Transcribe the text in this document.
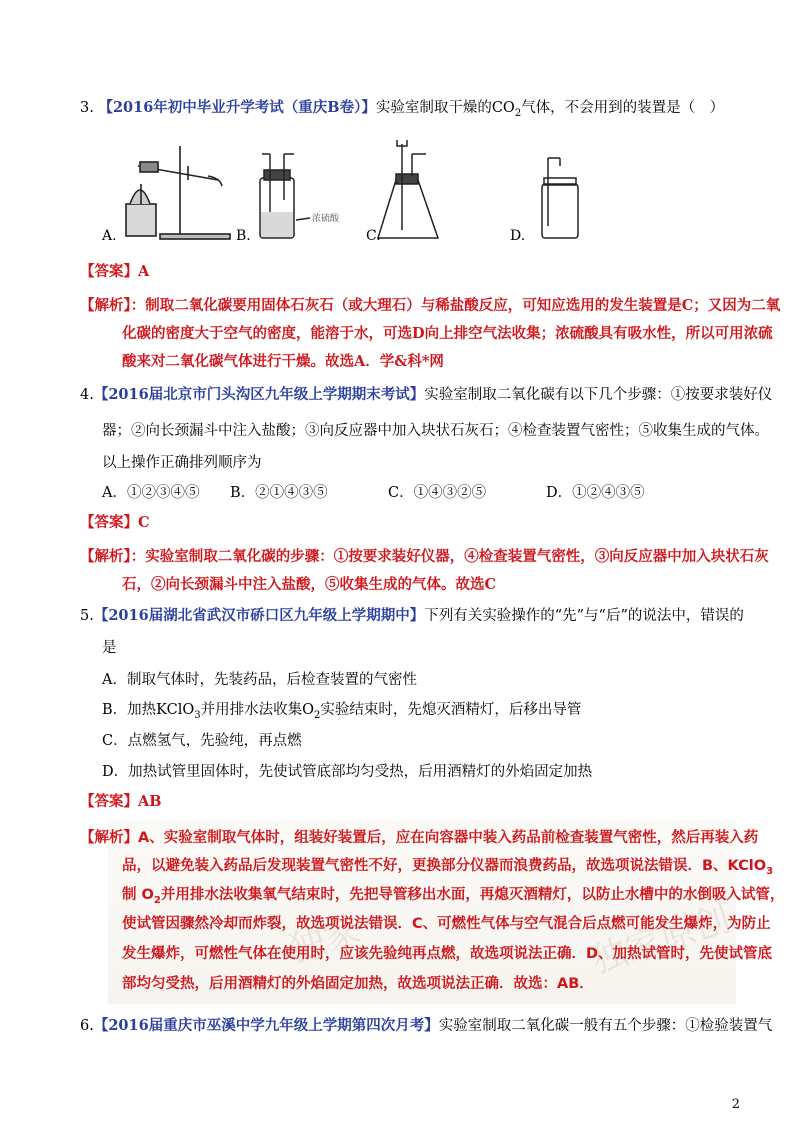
3. 【2016年初中毕业升学考试（重庆B卷）】实验室制取干燥的$CO_2$气体，不会用到的装置是（　）
A.
浓硫酸
B.	C.	D.
【答案】A
【解析】：制取二氧化碳要用固体石灰石（或大理石）与稀盐酸反应，可知应选用的发生装置是C；又因为二氧
化碳的密度大于空气的密度，能溶于水，可选D向上排空气法收集；浓硫酸具有吸水性，所以可用浓硫
酸来对二氧化碳气体进行干燥。故选A．学&科*网
4.【2016届北京市门头沟区九年级上学期期末考试】实验室制取二氧化碳有以下几个步骤：①按要求装好仪
器；②向长颈漏斗中注入盐酸；③向反应器中加入块状石灰石；④检查装置气密性；⑤收集生成的气体。
以上操作正确排列顺序为
A．①②③④⑤ B．②①④③⑤	C．①④③②⑤	D．①②④③⑤
【答案】C
【解析】：实验室制取二氧化碳的步骤：①按要求装好仪器，④检查装置气密性，③向反应器中加入块状石灰
石，②向长颈漏斗中注入盐酸，⑤收集生成的气体。故选C
5.【2016届湖北省武汉市硚口区九年级上学期期中】下列有关实验操作的“先”与“后”的说法中，错误的
是
A．制取气体时，先装药品，后检查装置的气密性
B．加热KClO$_3$并用排水法收集$O_2$实验结束时，先熄灭酒精灯，后移出导管
C．点燃氢气，先验纯，再点燃
D．加热试管里固体时，先使试管底部均匀受热，后用酒精灯的外焰固定加热
【答案】AB
独家	独家原创
【解析】A、实验室制取气体时，组装好装置后，应在向容器中装入药品前检查装置气密性，然后再装入药
品，以避免装入药品后发现装置气密性不好，更换部分仪器而浪费药品，故选项说法错误．B、KClO$_3$
制 $O_2$并用排水法收集氧气结束时，先把导管移出水面，再熄灭酒精灯，以防止水槽中的水倒吸入试管，
使试管因骤然冷却而炸裂，故选项说法错误．C、可燃性气体与空气混合后点燃可能发生爆炸，为防止
发生爆炸，可燃性气体在使用时，应该先验纯再点燃，故选项说法正确．D、加热试管时，先使试管底
部均匀受热，后用酒精灯的外焰固定加热，故选项说法正确．故选：AB．
6.【2016届重庆市巫溪中学九年级上学期第四次月考】实验室制取二氧化碳一般有五个步骤：①检验装置气
2
